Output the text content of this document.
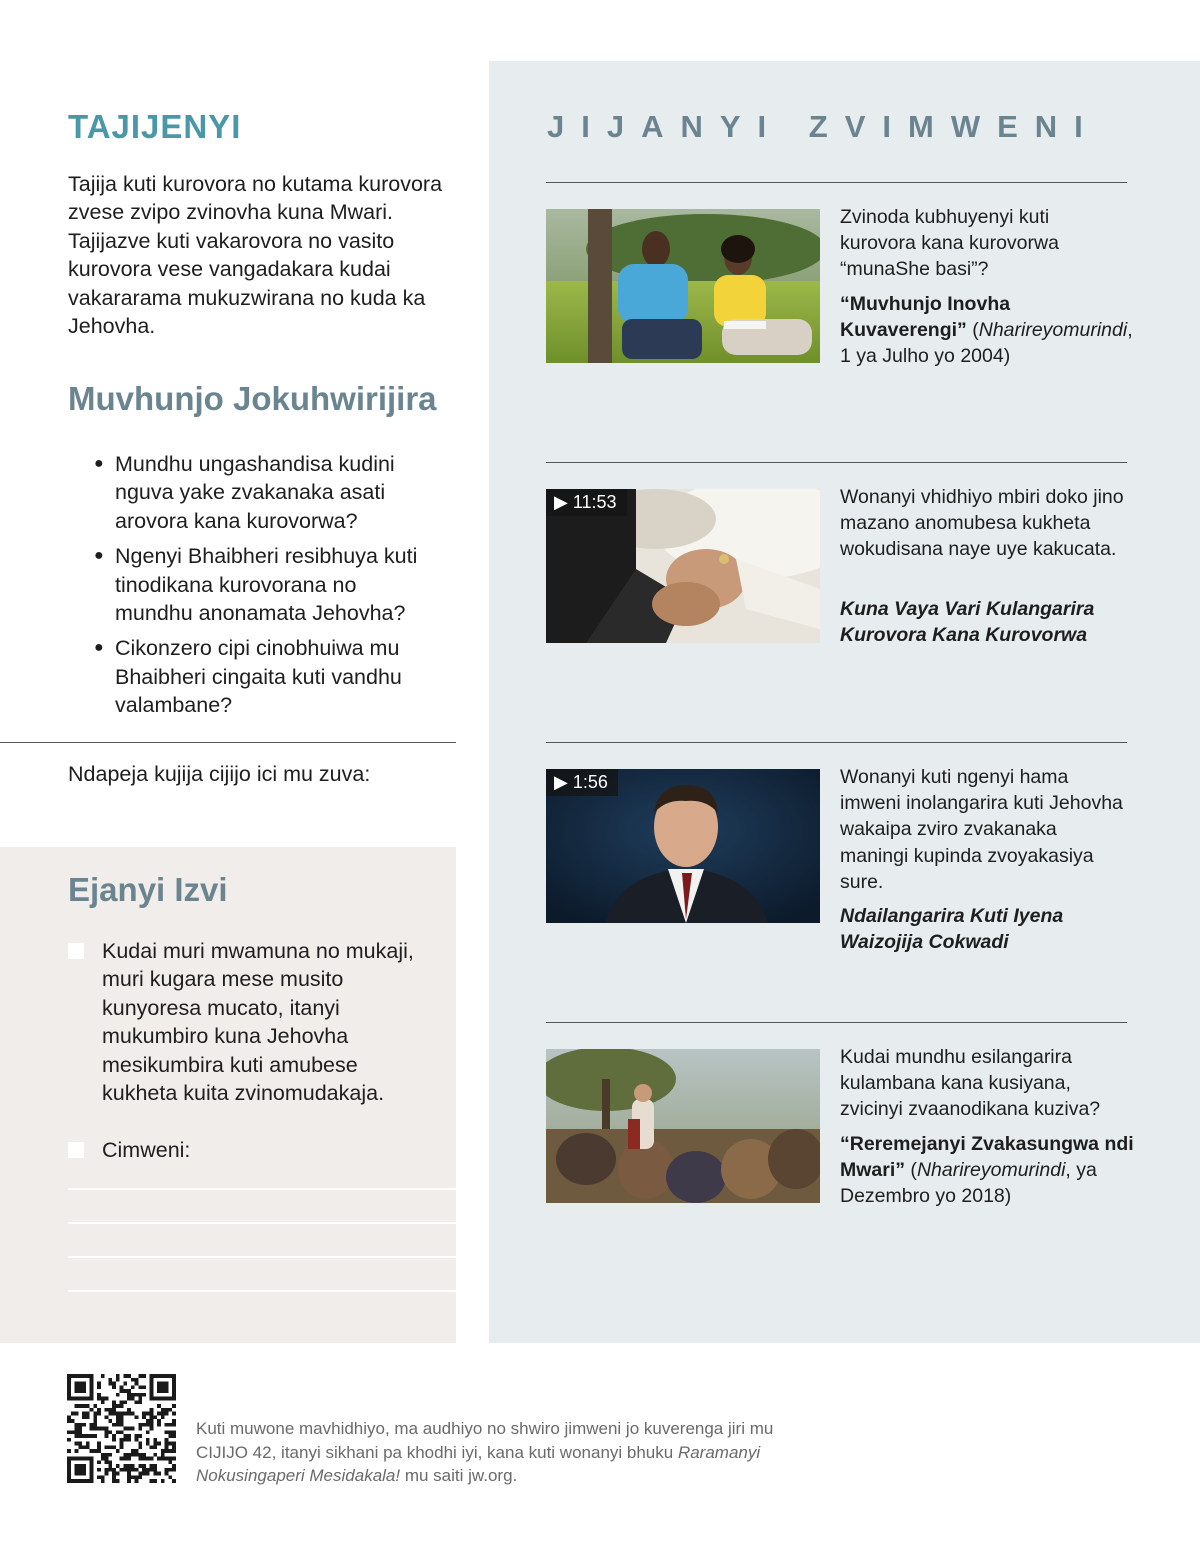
TAJIJENYI

Tajija kuti kurovora no kutama kurovora zvese zvipo zvinovha kuna Mwari. Tajijazve kuti vakarovora no vasito kurovora vese vangadakara kudai vakararama mukuzwirana no kuda ka Jehovha.

Muvhunjo Jokuhwirijira
● Mundhu ungashandisa kudini nguva yake zvakanaka asati arovora kana kurovorwa?
● Ngenyi Bhaibheri resibhuya kuti tinodikana kurovorana no mundhu anonamata Jehovha?
● Cikonzero cipi cinobhuiwa mu Bhaibheri cingaita kuti vandhu valambane?

Ndapeja kujija cijijo ici mu zuva:

Ejanyi Izvi
Kudai muri mwamuna no mukaji, muri kugara mese musito kunyoresa mucato, itanyi mukumbiro kuna Jehovha mesikumbira kuti amubese kukheta kuita zvinomudakaja.
Cimweni:
JIJANYI ZVIMWENI

Zvinoda kubhuyenyi kuti kurovora kana kurovorwa “munaShe basi”?

“Muvhunjo Inovha Kuvaverengi” (Nharireyomurindi, 1 ya Julho yo 2004)

▶ 11:53	Wonanyi vhidhiyo mbiri doko jino mazano anomubesa kukheta wokudisana naye uye kakucata.

Kuna Vaya Vari Kulangarira Kurovora Kana Kurovorwa

▶ 1:56	Wonanyi kuti ngenyi hama imweni inolangarira kuti Jehovha wakaipa zviro zvakanaka maningi kupinda zvoyakasiya sure.

Ndailangarira Kuti Iyena Waizojija Cokwadi

Kudai mundhu esilangarira kulambana kana kusiyana, zvicinyi zvaanodikana kuziva?

“Reremejanyi Zvakasungwa ndi Mwari” (Nharireyomurindi, ya Dezembro yo 2018)

Kuti muwone mavhidhiyo, ma audhiyo no shwiro jimweni jo kuverenga jiri mu CIJIJO 42, itanyi sikhani pa khodhi iyi, kana kuti wonanyi bhuku Raramanyi Nokusingaperi Mesidakala! mu saiti jw.org.
